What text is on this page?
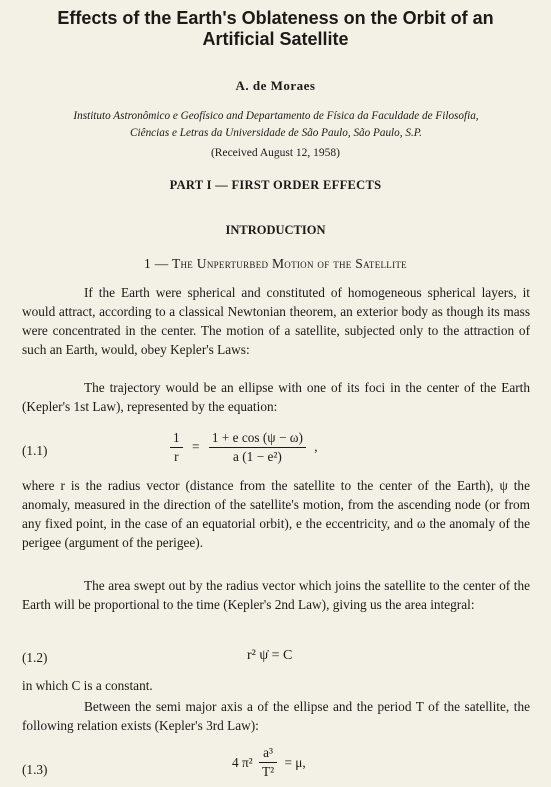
Effects of the Earth's Oblateness on the Orbit of an Artificial Satellite
A. de Moraes
Instituto Astronômico e Geofísico and Departamento de Física da Faculdade de Filosofia,
Ciências e Letras da Universidade de São Paulo, São Paulo, S.P.
(Received August 12, 1958)
PART I — FIRST ORDER EFFECTS
INTRODUCTION
1 — The Unperturbed Motion of the Satellite
If the Earth were spherical and constituted of homogeneous spherical layers, it would attract, according to a classical Newtonian theorem, an exterior body as though its mass were concentrated in the center. The motion of a satellite, subjected only to the attraction of such an Earth, would, obey Kepler's Laws:
The trajectory would be an ellipse with one of its foci in the center of the Earth (Kepler's 1st Law), represented by the equation:
(1.1)	$\frac{1}{r} = \frac{\text{1 + e cos (ψ − ω)}}{\text{a (1 − e²)}}$ ,
where r is the radius vector (distance from the satellite to the center of the Earth), ψ the anomaly, measured in the direction of the satellite's motion, from the ascending node (or from any fixed point, in the case of an equatorial orbit), e the eccentricity, and ω the anomaly of the perigee (argument of the perigee).
The area swept out by the radius vector which joins the satellite to the center of the Earth will be proportional to the time (Kepler's 2nd Law), giving us the area integral:
(1.2)	r² ψ̇ = C
in which C is a constant.
Between the semi major axis a of the ellipse and the period T of the satellite, the following relation exists (Kepler's 3rd Law):
(1.3)	4 $\pi^2 \frac{\text{a³}}{\text{T²}} = \mu$,
